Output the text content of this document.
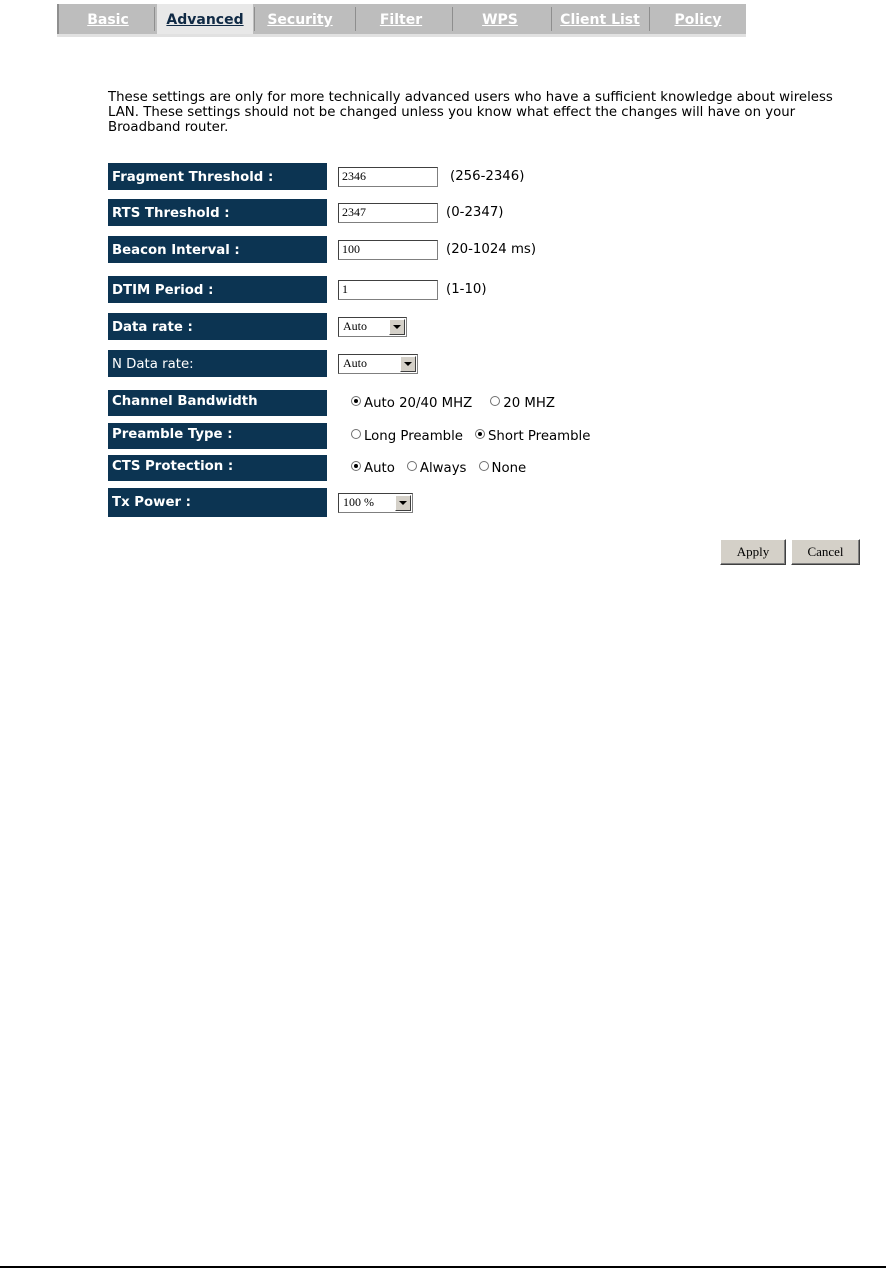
Basic	Advanced	Security	Filter	WPS	Client List	Policy
These settings are only for more technically advanced users who have a sufficient knowledge about wireless LAN. These settings should not be changed unless you know what effect the changes will have on your Broadband router.
Fragment Threshold :
2346	(256-2346)
RTS Threshold :
2347	(0-2347)
Beacon Interval :
100	(20-1024 ms)
DTIM Period :
1	(1-10)
Data rate :	Auto
N Data rate:	Auto
Channel Bandwidth	Auto 20/40 MHZ 20 MHZ
Preamble Type :	Long Preamble Short Preamble
CTS Protection :	Auto Always None
Tx Power :	100 %
Apply	Cancel
